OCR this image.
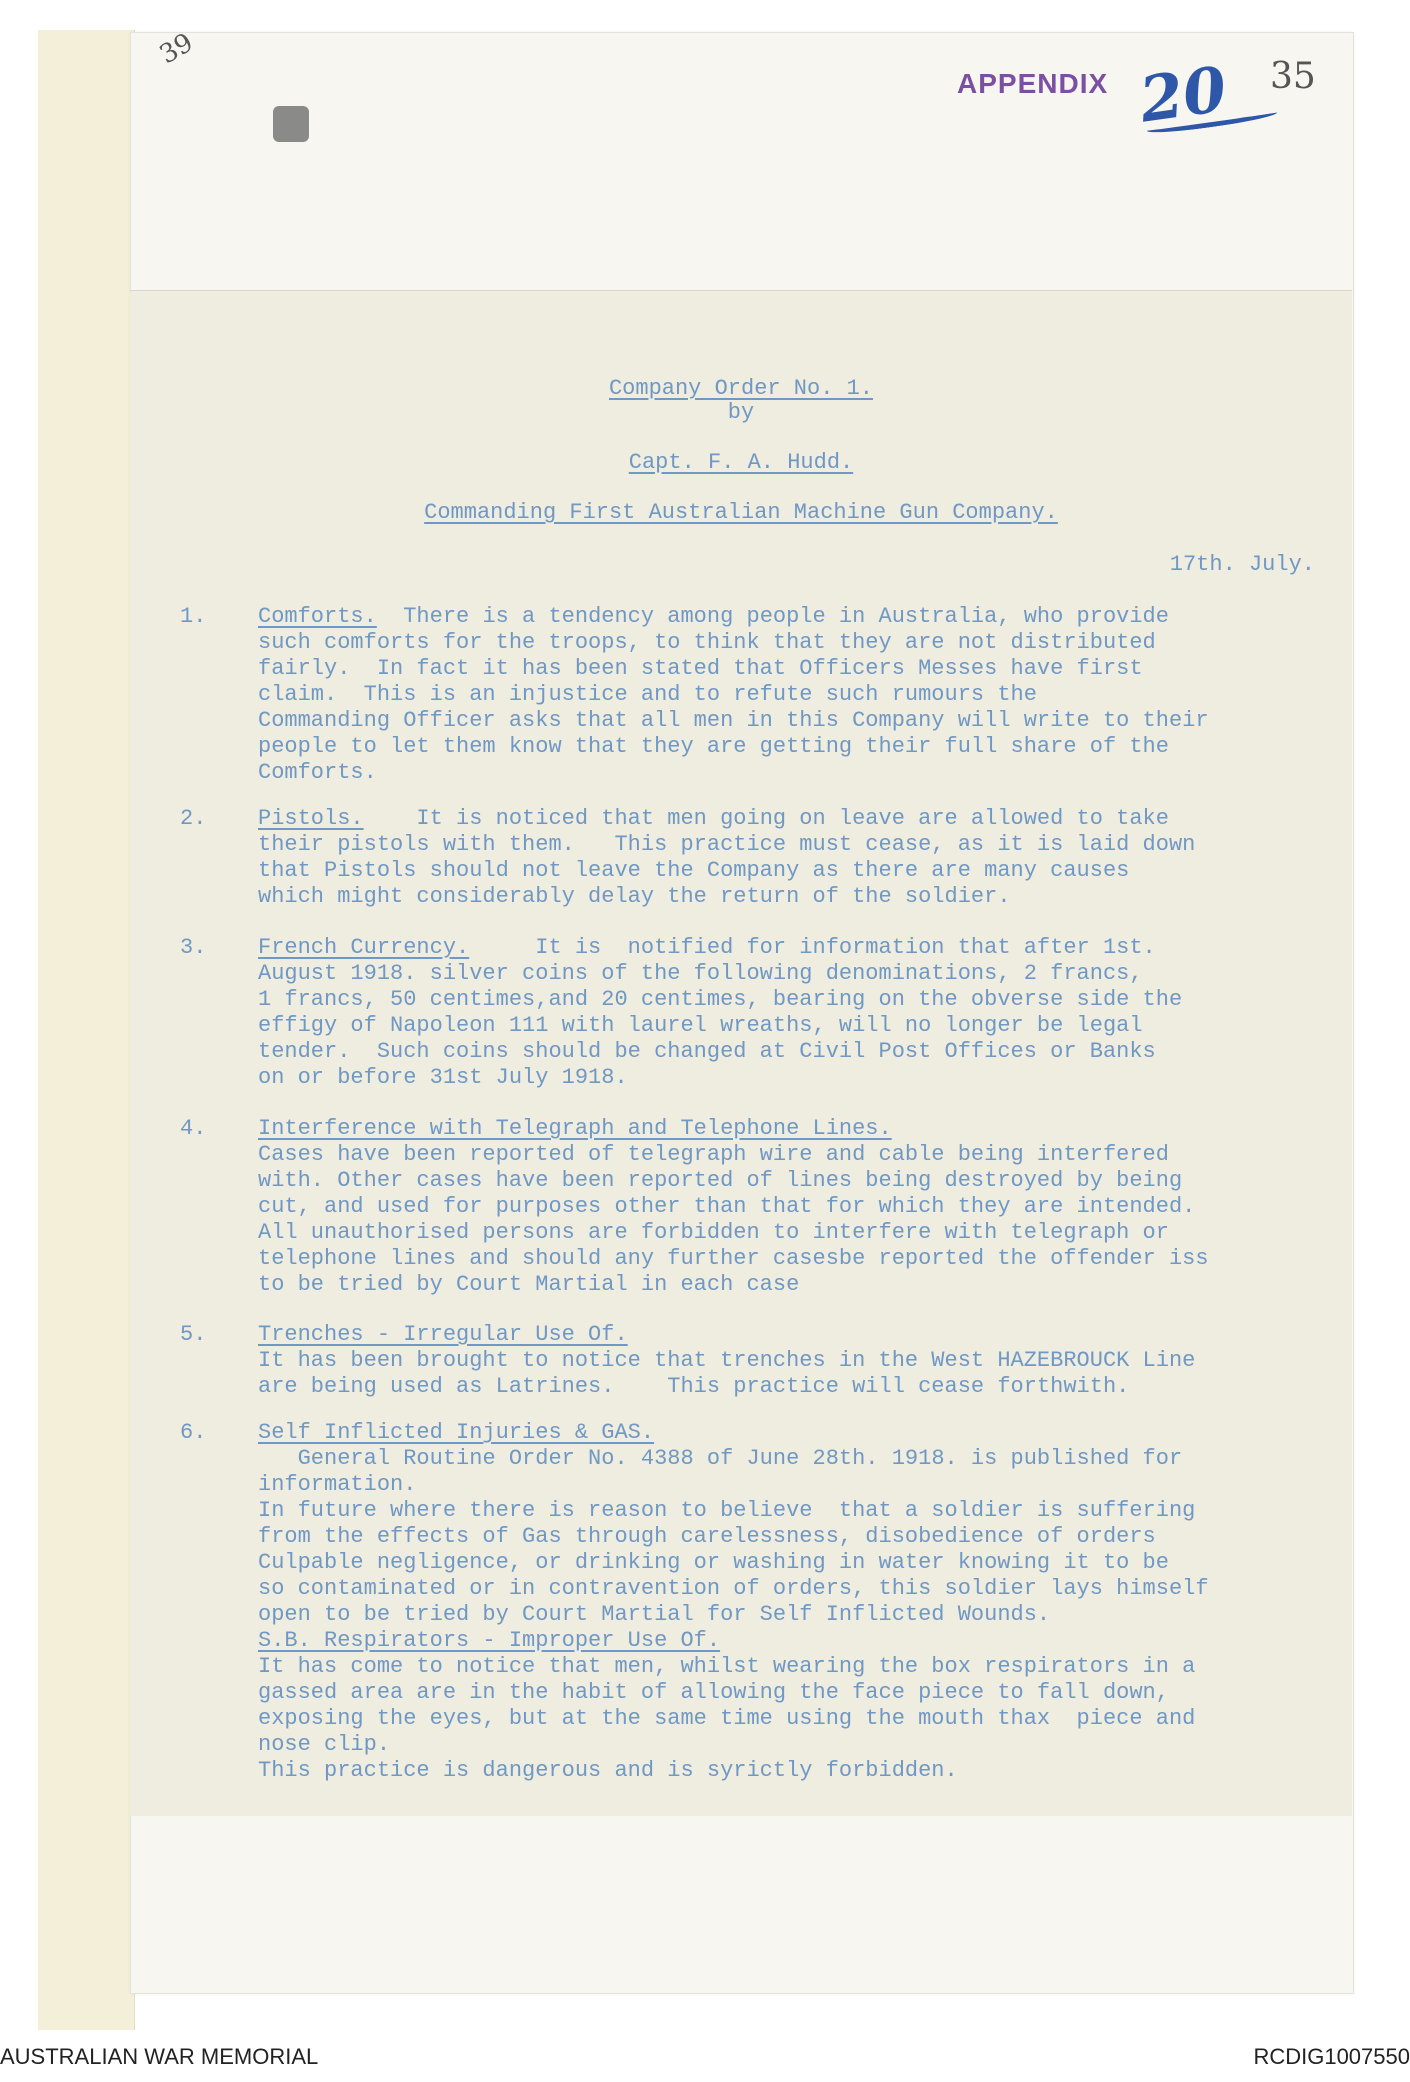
39
APPENDIX 20 35
Company Order No. 1.
by
Capt. F. A. Hudd.
Commanding First Australian Machine Gun Company.
17th. July.
1. Comforts.  There is a tendency among people in Australia, who provide
such comforts for the troops, to think that they are not distributed
fairly.  In fact it has been stated that Officers Messes have first
claim.  This is an injustice and to refute such rumours the
Commanding Officer asks that all men in this Company will write to their
people to let them know that they are getting their full share of the
Comforts.
2. Pistols.    It is noticed that men going on leave are allowed to take
their pistols with them.   This practice must cease, as it is laid down
that Pistols should not leave the Company as there are many causes
which might considerably delay the return of the soldier.
3. French Currency.	It is  notified for information that after 1st.
August 1918. silver coins of the following denominations, 2 francs,
1 francs, 50 centimes,and 20 centimes, bearing on the obverse side the
effigy of Napoleon 111 with laurel wreaths, will no longer be legal
tender.  Such coins should be changed at Civil Post Offices or Banks
on or before 31st July 1918.
4. Interference with Telegraph and Telephone Lines.
Cases have been reported of telegraph wire and cable being interfered
with. Other cases have been reported of lines being destroyed by being
cut, and used for purposes other than that for which they are intended.
All unauthorised persons are forbidden to interfere with telegraph or
telephone lines and should any further casesbe reported the offender iss
to be tried by Court Martial in each case
5. Trenches - Irregular Use Of.
It has been brought to notice that trenches in the West HAZEBROUCK Line
are being used as Latrines.    This practice will cease forthwith.
6. Self Inflicted Injuries & GAS.
General Routine Order No. 4388 of June 28th. 1918. is published for
information.
In future where there is reason to believe  that a soldier is suffering
from the effects of Gas through carelessness, disobedience of orders
Culpable negligence, or drinking or washing in water knowing it to be
so contaminated or in contravention of orders, this soldier lays himself
open to be tried by Court Martial for Self Inflicted Wounds.
S.B. Respirators - Improper Use Of.
It has come to notice that men, whilst wearing the box respirators in a
gassed area are in the habit of allowing the face piece to fall down,
exposing the eyes, but at the same time using the mouth thax  piece and
nose clip.
This practice is dangerous and is syrictly forbidden.
AUSTRALIAN WAR MEMORIAL	RCDIG1007550
